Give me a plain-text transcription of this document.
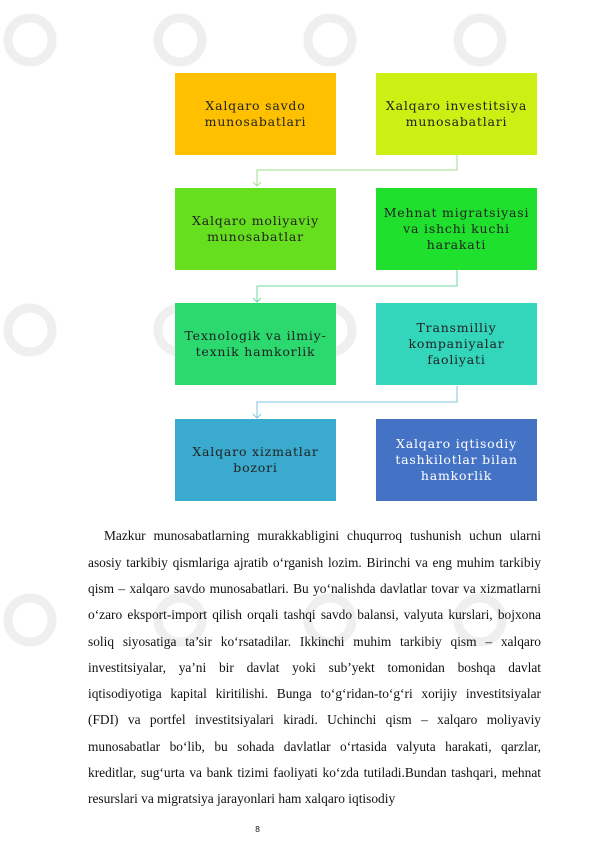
Xalqaro savdo munosabatlari
Xalqaro investitsiya munosabatlari
Xalqaro moliyaviy munosabatlar
Mehnat migratsiyasi va ishchi kuchi harakati
Texnologik va ilmiy-texnik hamkorlik
Transmilliy kompaniyalar faoliyati
Xalqaro xizmatlar bozori
Xalqaro iqtisodiy tashkilotlar bilan hamkorlik

Mazkur munosabatlarning murakkabligini chuqurroq tushunish uchun ularni asosiy tarkibiy qismlariga ajratib o‘rganish lozim. Birinchi va eng muhim tarkibiy qism – xalqaro savdo munosabatlari. Bu yo‘nalishda davlatlar tovar va xizmatlarni o‘zaro eksport-import qilish orqali tashqi savdo balansi, valyuta kurslari, bojxona soliq siyosatiga ta’sir ko‘rsatadilar. Ikkinchi muhim tarkibiy qism – xalqaro investitsiyalar, ya’ni bir davlat yoki sub’yekt tomonidan boshqa davlat iqtisodiyotiga kapital kiritilishi. Bunga to‘g‘ridan-to‘g‘ri xorijiy investitsiyalar (FDI) va portfel investitsiyalari kiradi. Uchinchi qism – xalqaro moliyaviy munosabatlar bo‘lib, bu sohada davlatlar o‘rtasida valyuta harakati, qarzlar, kreditlar, sug‘urta va bank tizimi faoliyati ko‘zda tutiladi.Bundan tashqari, mehnat resurslari va migratsiya jarayonlari ham xalqaro iqtisodiy

8
